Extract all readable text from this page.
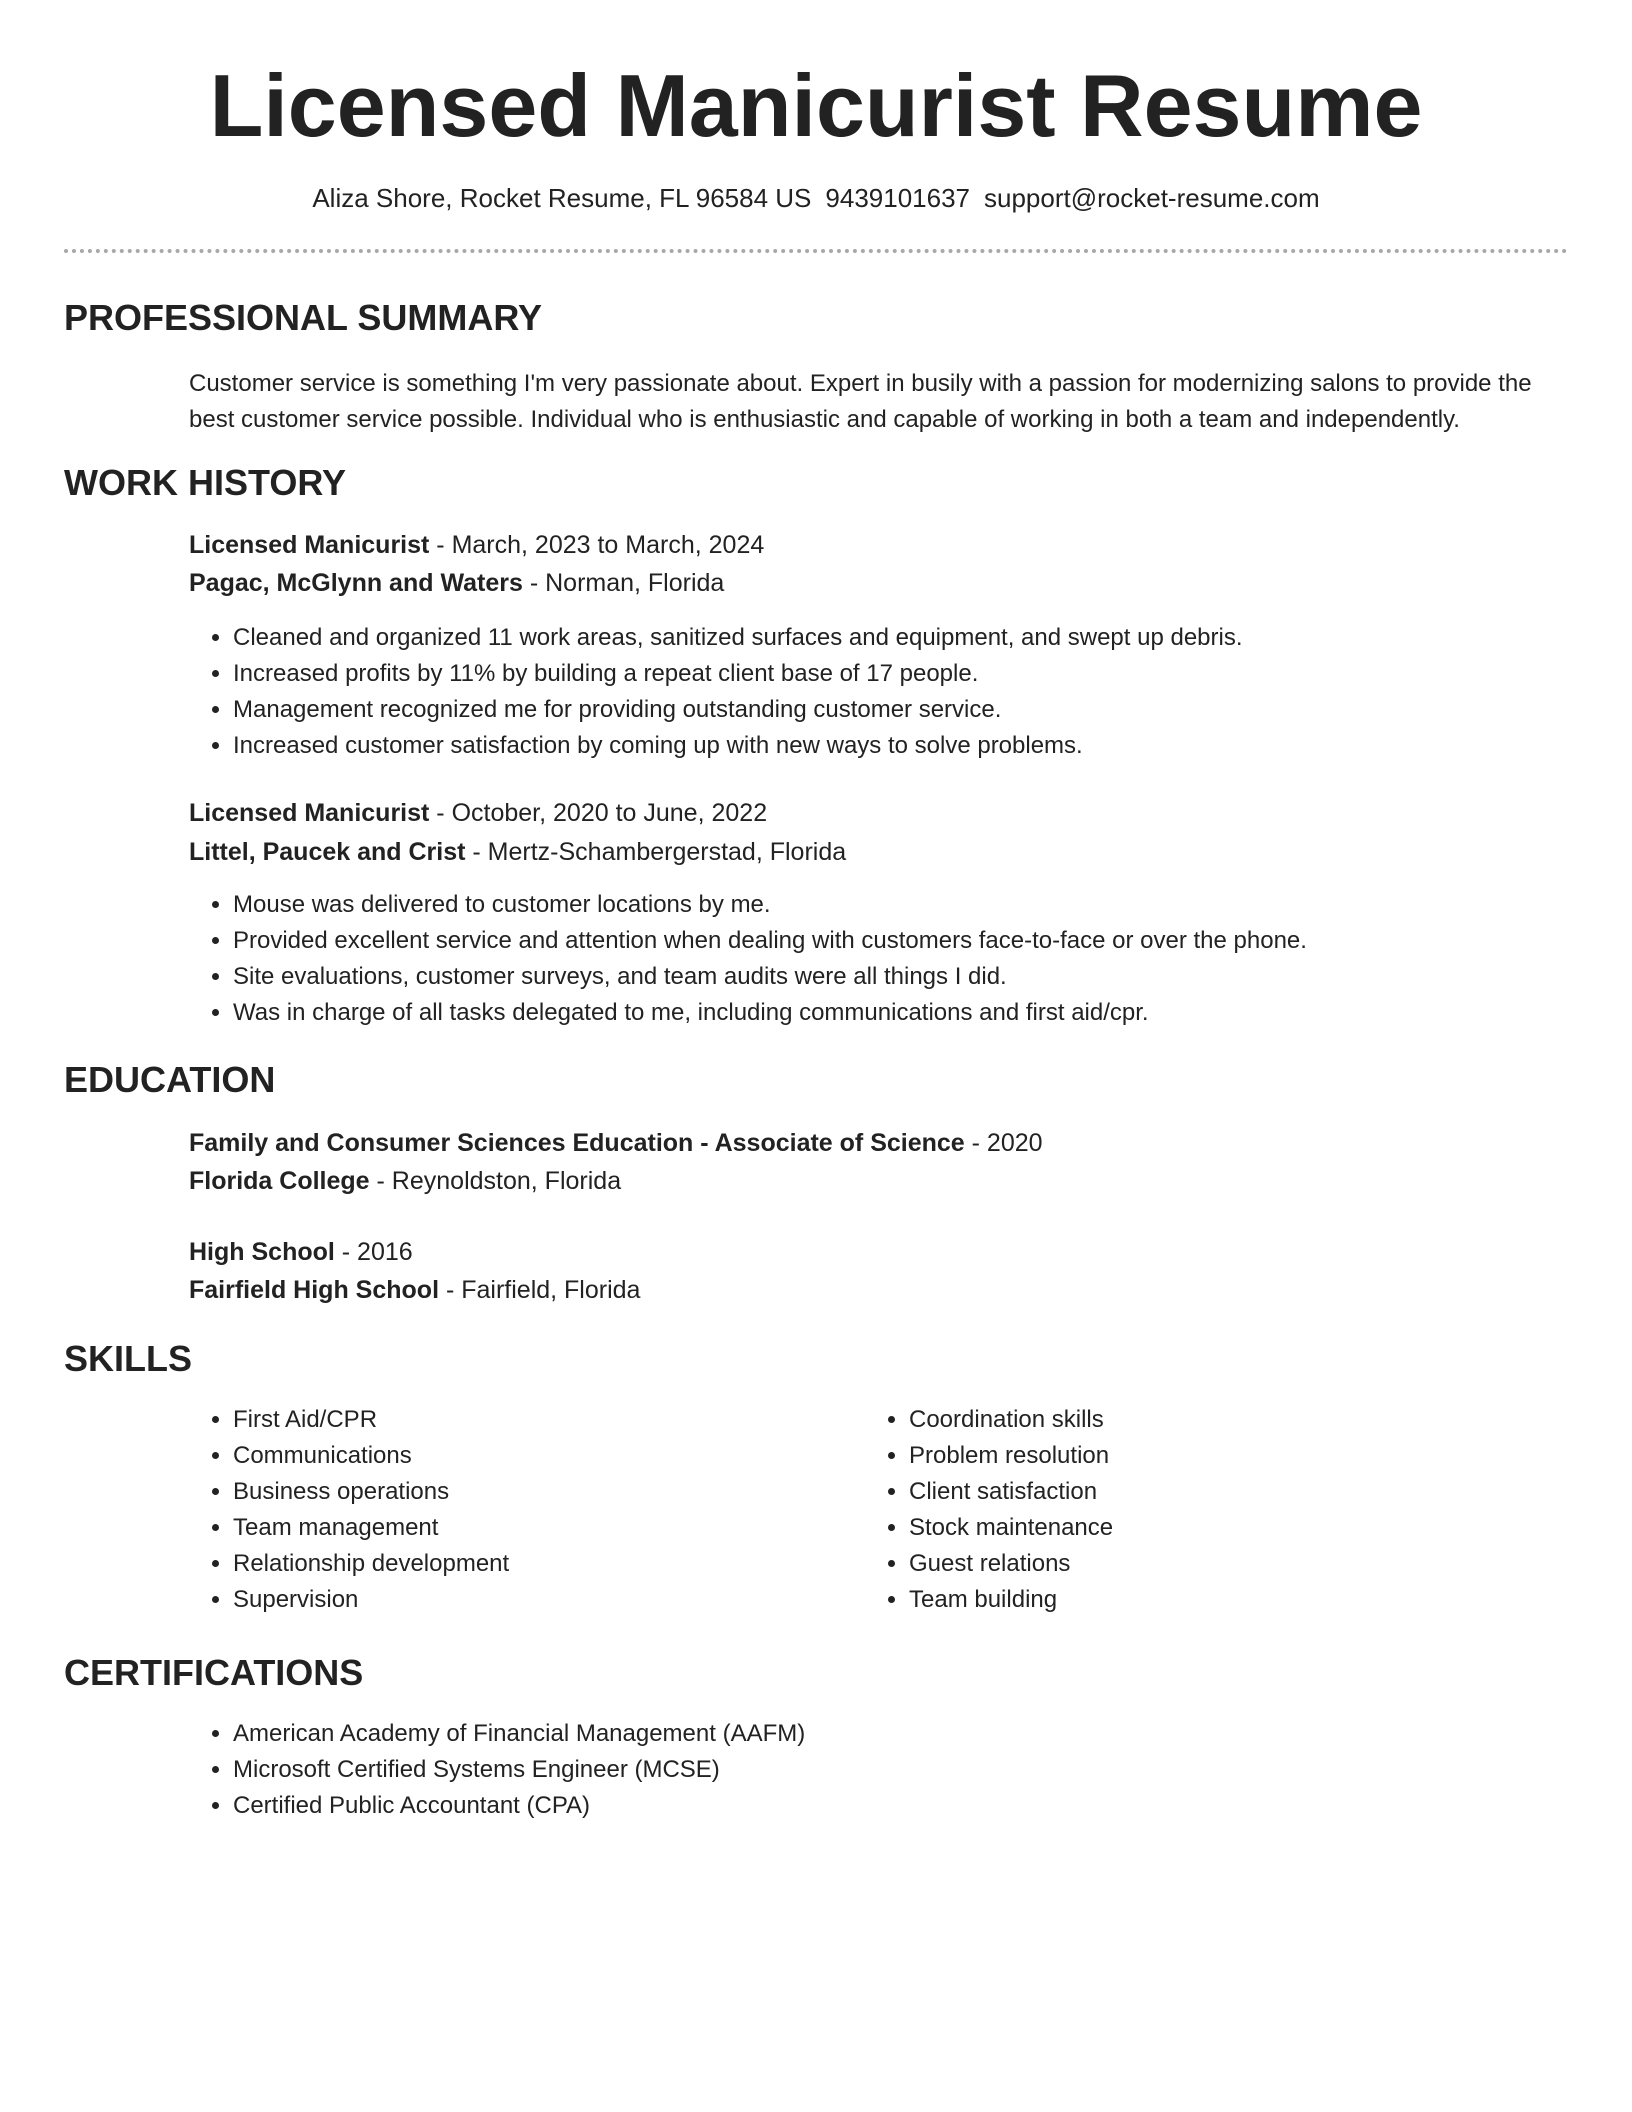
Licensed Manicurist Resume
Aliza Shore, Rocket Resume, FL 96584 US 9439101637 support@rocket-resume.com
PROFESSIONAL SUMMARY

Customer service is something I'm very passionate about. Expert in busily with a passion for modernizing salons to provide the best customer service possible. Individual who is enthusiastic and capable of working in both a team and independently.

WORK HISTORY
Licensed Manicurist - March, 2023 to March, 2024
Pagac, McGlynn and Waters - Norman, Florida
• Cleaned and organized 11 work areas, sanitized surfaces and equipment, and swept up debris.
• Increased profits by 11% by building a repeat client base of 17 people.
• Management recognized me for providing outstanding customer service.
• Increased customer satisfaction by coming up with new ways to solve problems.
Licensed Manicurist - October, 2020 to June, 2022
Littel, Paucek and Crist - Mertz-Schambergerstad, Florida
• Mouse was delivered to customer locations by me.
• Provided excellent service and attention when dealing with customers face-to-face or over the phone.
• Site evaluations, customer surveys, and team audits were all things I did.
• Was in charge of all tasks delegated to me, including communications and first aid/cpr.
EDUCATION
Family and Consumer Sciences Education - Associate of Science - 2020
Florida College - Reynoldston, Florida
High School - 2016
Fairfield High School - Fairfield, Florida
SKILLS
• First Aid/CPR
• Communications
• Business operations
• Team management
• Relationship development
• Supervision
• Coordination skills
• Problem resolution
• Client satisfaction
• Stock maintenance
• Guest relations
• Team building
CERTIFICATIONS
• American Academy of Financial Management (AAFM)
• Microsoft Certified Systems Engineer (MCSE)
• Certified Public Accountant (CPA)
